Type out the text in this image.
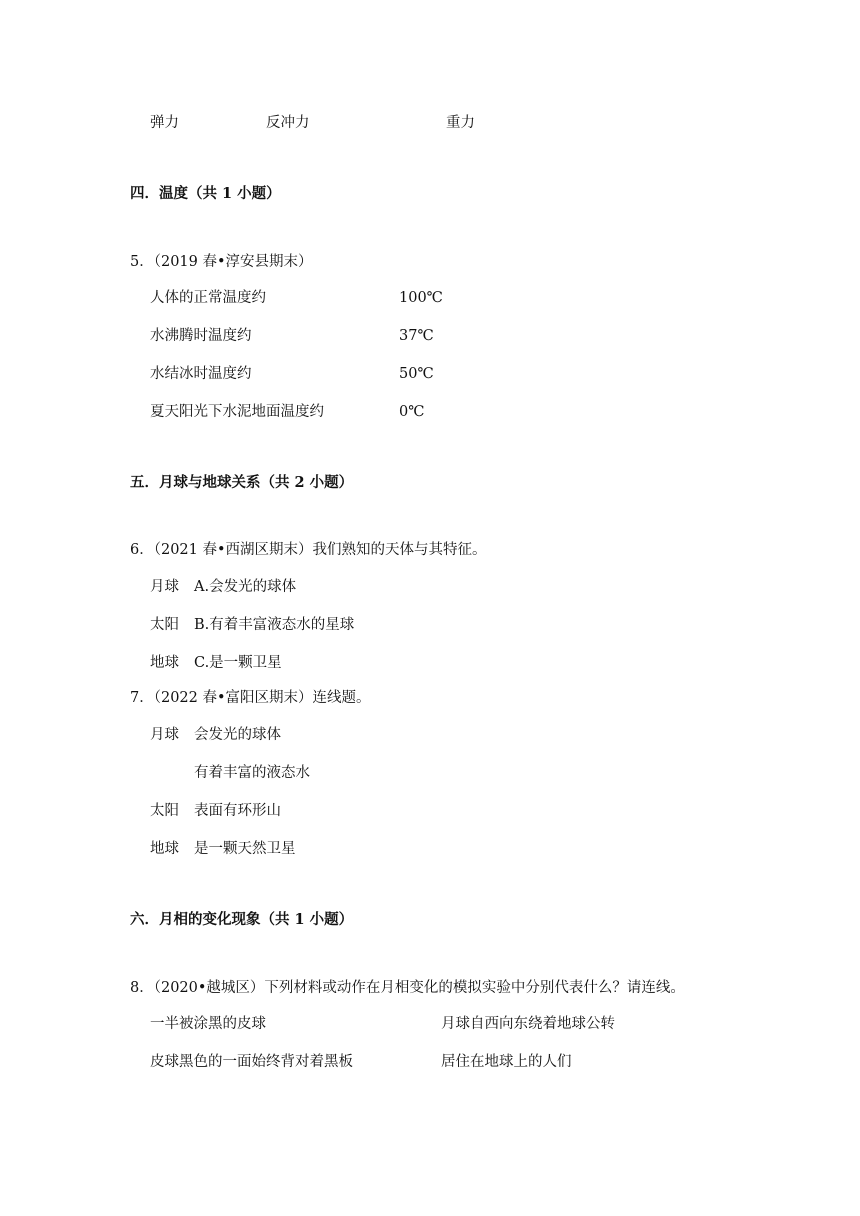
弹力	反冲力	重力
四．温度（共 1 小题）
5．（2019 春•淳安县期末）
人体的正常温度约	100℃
水沸腾时温度约	37℃
水结冰时温度约	50℃
夏天阳光下水泥地面温度约	0℃
五．月球与地球关系（共 2 小题）
6．（2021 春•西湖区期末）我们熟知的天体与其特征。
月球 A.会发光的球体
太阳 B.有着丰富液态水的星球
地球 C.是一颗卫星
7．（2022 春•富阳区期末）连线题。
月球 会发光的球体
有着丰富的液态水
太阳 表面有环形山
地球 是一颗天然卫星
六．月相的变化现象（共 1 小题）
8．（2020•越城区）下列材料或动作在月相变化的模拟实验中分别代表什么？请连线。
一半被涂黑的皮球	月球自西向东绕着地球公转
皮球黑色的一面始终背对着黑板	居住在地球上的人们
